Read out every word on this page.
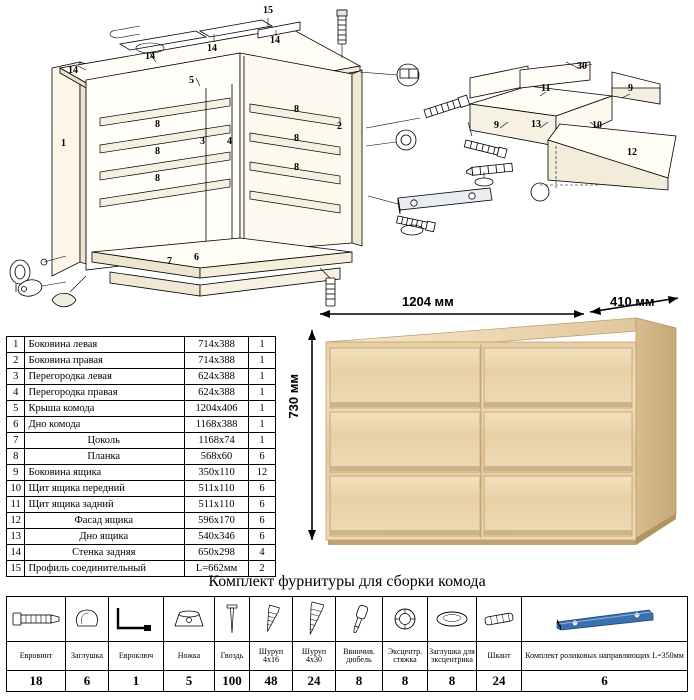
15
14
14
14
14
5
8
8
8
8
8
8
1
2
3 4
6
7
11
30
9
9	13	10
12
1	Боковина левая	714х388	1
2	Боковина правая	714х388	1
3	Перегородка левая	624х388	1
4	Перегородка правая	624х388	1
5	Крыша комода	1204х406	1
6	Дно комода	1168х388	1
7	Цоколь	1168х74	1
8	Планка	568х60	6
9	Боковина ящика	350х110	12
10	Щит ящика передний	511х110	6
11	Щит ящика задний	511х110	6
12	Фасад ящика	596х170	6
13	Дно ящика	540х346	6
14	Стенка задняя	650х298	4
15	Профиль соединительный	L=662мм	2
1204 мм	410 мм
730 мм
Комплект фурнитуры для сборки комода

Евровинт	Заглушка	Евроключ	Ножка	Гвоздь	Шуруп 4х16	Шуруп 4х30	Ввинчив. дюбель	Эксцентр. стяжка	Заглушка для эксцентрика	Шкант	Комплект роликовых направляющих L=350мм
18	6	1	5	100	48	24	8	8	8	24	6
